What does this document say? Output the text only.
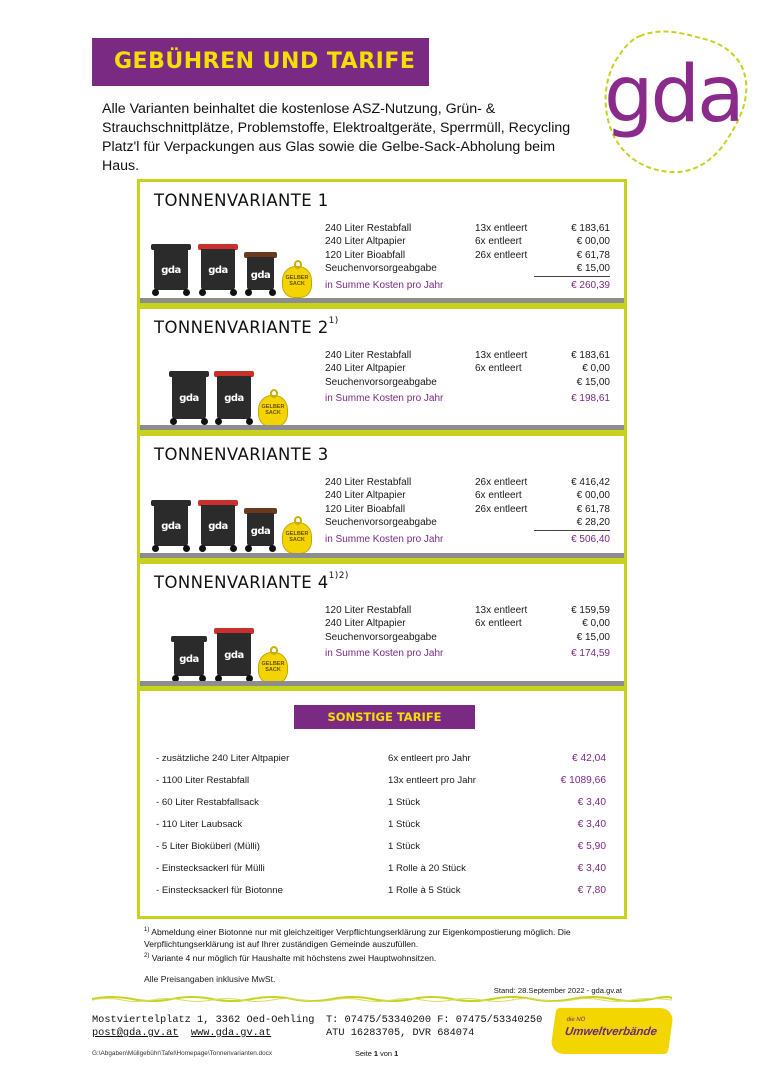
GEBÜHREN UND TARIFE gda
Alle Varianten beinhaltet die kostenlose ASZ-Nutzung, Grün- & Strauchschnittplätze, Problemstoffe, Elektroaltgeräte, Sperrmüll, Recycling Platz'l für Verpackungen aus Glas sowie die Gelbe-Sack-Abholung beim Haus.
TONNENVARIANTE 1
gda	gda	gda	GELBER SACK
240 Liter Restabfall	13x entleert	€ 183,61
240 Liter Altpapier	6x entleert	€ 00,00
120 Liter Bioabfall	26x entleert	€ 61,78
Seuchenvorsorgeabgabe	€ 15,00
in Summe Kosten pro Jahr	€ 260,39
TONNENVARIANTE 2$^{1)}$
gda	gda
GELBER SACK
240 Liter Restabfall	13x entleert	€ 183,61
240 Liter Altpapier	6x entleert	€ 0,00
Seuchenvorsorgeabgabe	€ 15,00
in Summe Kosten pro Jahr	€ 198,61
TONNENVARIANTE 3
gda	gda	gda	GELBER SACK
240 Liter Restabfall	26x entleert	€ 416,42
240 Liter Altpapier	6x entleert	€ 00,00
120 Liter Bioabfall	26x entleert	€ 61,78
Seuchenvorsorgeabgabe	€ 28,20
in Summe Kosten pro Jahr	€ 506,40
TONNENVARIANTE $4^{1)2)}$
gda	gda
GELBER SACK
120 Liter Restabfall	13x entleert	€ 159,59
240 Liter Altpapier	6x entleert	€ 0,00
Seuchenvorsorgeabgabe	€ 15,00
in Summe Kosten pro Jahr	€ 174,59
SONSTIGE TARIFE
- zusätzliche 240 Liter Altpapier	6x entleert pro Jahr	€ 42,04
- 1100 Liter Restabfall	13x entleert pro Jahr	€ 1089,66
- 60 Liter Restabfallsack	1 Stück	€ 3,40
- 110 Liter Laubsack	1 Stück	€ 3,40
- 5 Liter Bioküberl (Mülli)	1 Stück	€ 5,90
- Einstecksackerl für Mülli	1 Rolle à 20 Stück	€ 3,40
- Einstecksackerl für Biotonne	1 Rolle à 5 Stück	€ 7,80
$^{1)}$ Abmeldung einer Biotonne nur mit gleichzeitiger Verpflichtungserklärung zur Eigenkompostierung möglich. Die Verpflichtungserklärung ist auf Ihrer zuständigen Gemeinde auszufüllen.
$^{2)}$ Variante 4 nur möglich für Haushalte mit höchstens zwei Hauptwohnsitzen.
Alle Preisangaben inklusive MwSt.
Stand: 28.September 2022 - gda.gv.at
Mostviertelplatz 1, 3362 Oed-Oehling
post@gda.gv.at www.gda.gv.at
T: 07475/53340200 F: 07475/53340250
ATU 16283705, DVR 684074
G:\Abgaben\Müllgebühr\Tafel\Homepage\Tonnenvarianten.docx	Seite 1 von 1
die NÖ
Umweltverbände
